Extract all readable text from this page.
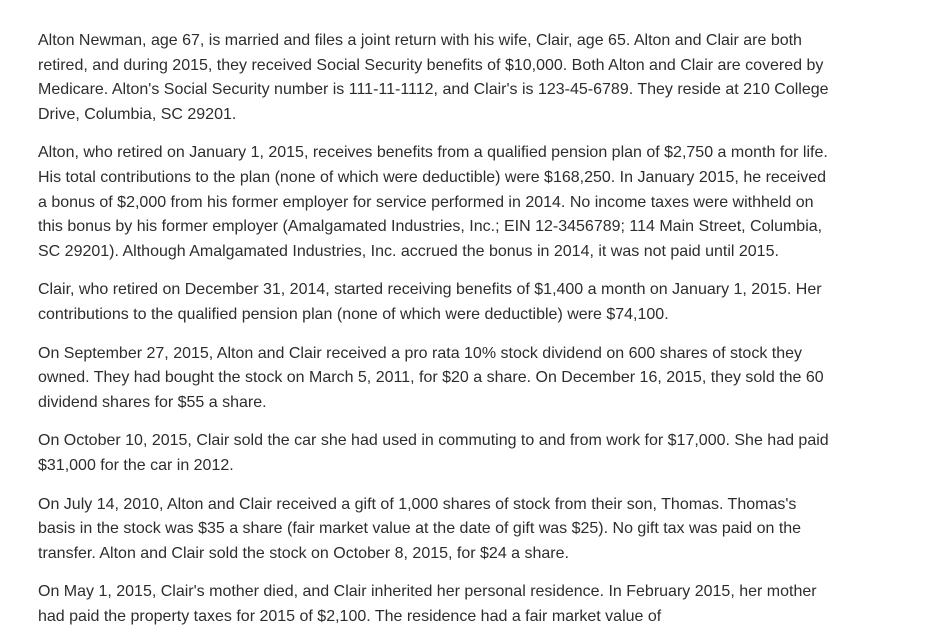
Alton Newman, age 67, is married and files a joint return with his wife, Clair, age 65. Alton and Clair are both retired, and during 2015, they received Social Security benefits of $10,000. Both Alton and Clair are covered by Medicare. Alton's Social Security number is 111-11-1112, and Clair's is 123-45-6789. They reside at 210 College Drive, Columbia, SC 29201.

Alton, who retired on January 1, 2015, receives benefits from a qualified pension plan of $2,750 a month for life. His total contributions to the plan (none of which were deductible) were $168,250. In January 2015, he received a bonus of $2,000 from his former employer for service performed in 2014. No income taxes were withheld on this bonus by his former employer (Amalgamated Industries, Inc.; EIN 12-3456789; 114 Main Street, Columbia, SC 29201). Although Amalgamated Industries, Inc. accrued the bonus in 2014, it was not paid until 2015.

Clair, who retired on December 31, 2014, started receiving benefits of $1,400 a month on January 1, 2015. Her contributions to the qualified pension plan (none of which were deductible) were $74,100.

On September 27, 2015, Alton and Clair received a pro rata 10% stock dividend on 600 shares of stock they owned. They had bought the stock on March 5, 2011, for $20 a share. On December 16, 2015, they sold the 60 dividend shares for $55 a share.

On October 10, 2015, Clair sold the car she had used in commuting to and from work for $17,000. She had paid $31,000 for the car in 2012.

On July 14, 2010, Alton and Clair received a gift of 1,000 shares of stock from their son, Thomas. Thomas's basis in the stock was $35 a share (fair market value at the date of gift was $25). No gift tax was paid on the transfer. Alton and Clair sold the stock on October 8, 2015, for $24 a share.

On May 1, 2015, Clair's mother died, and Clair inherited her personal residence. In February 2015, her mother had paid the property taxes for 2015 of $2,100. The residence had a fair market value of
